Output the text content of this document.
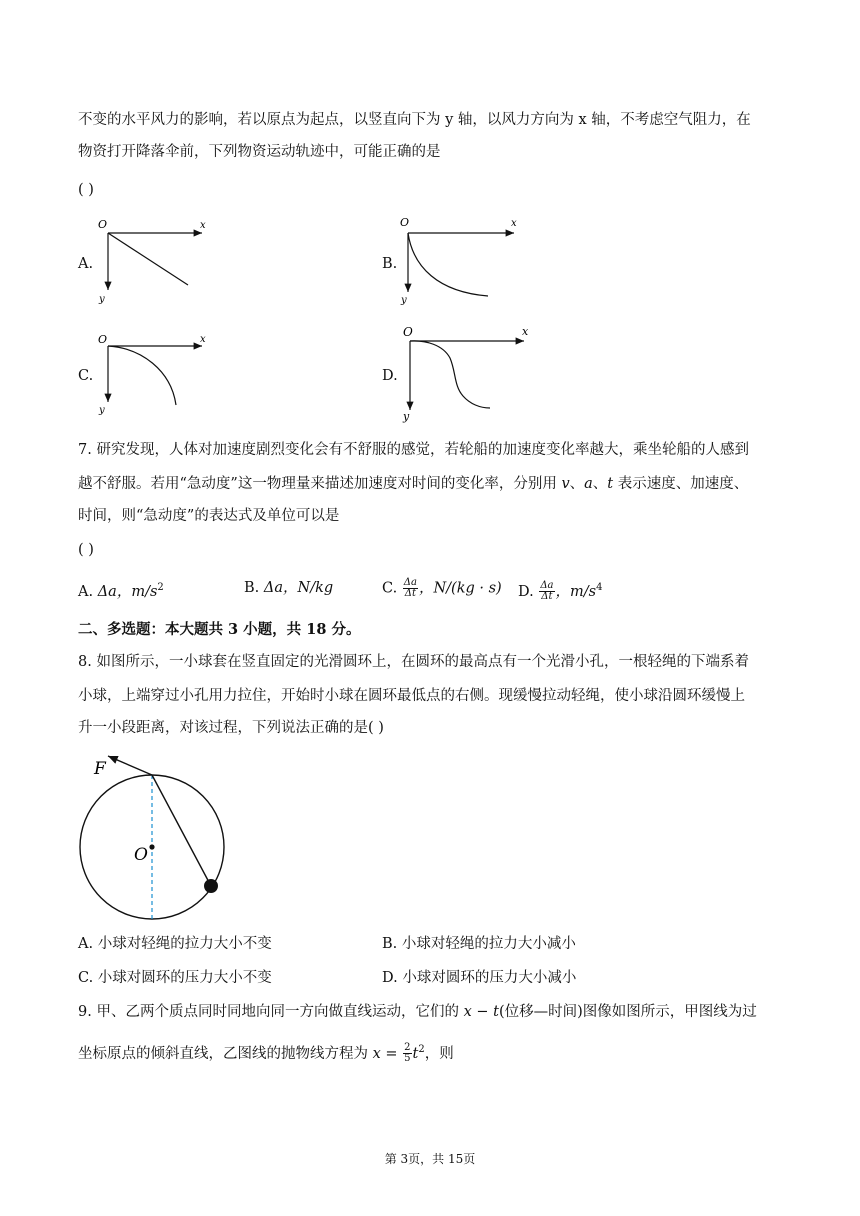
不变的水平风力的影响，若以原点为起点，以竖直向下为 y 轴，以风力方向为 x 轴，不考虑空气阻力，在
物资打开降落伞前，下列物资运动轨迹中，可能正确的是
( )
A.
O	x
y
B.
O	x
y
C.
O	x
y
D.
O	x
y
7. 研究发现，人体对加速度剧烈变化会有不舒服的感觉，若轮船的加速度变化率越大，乘坐轮船的人感到
越不舒服。若用“急动度”这一物理量来描述加速度对时间的变化率，分别用 v、a、t 表示速度、加速度、
时间，则“急动度”的表达式及单位可以是
( )
A. Δa，$m/s^2$	B. Δa，N/kg	C. $\frac{\Delta a}{\Delta t}$ ，N/(kg · s) D. $\frac{\Delta a}{\Delta t}$ ，$m/s^4$
二、多选题：本大题共 3 小题，共 18 分。
8. 如图所示，一小球套在竖直固定的光滑圆环上，在圆环的最高点有一个光滑小孔，一根轻绳的下端系着
小球，上端穿过小孔用力拉住，开始时小球在圆环最低点的右侧。现缓慢拉动轻绳，使小球沿圆环缓慢上
升一小段距离，对该过程，下列说法正确的是( )
F
O
A. 小球对轻绳的拉力大小不变	B. 小球对轻绳的拉力大小减小
C. 小球对圆环的压力大小不变	D. 小球对圆环的压力大小减小
9. 甲、乙两个质点同时同地向同一方向做直线运动，它们的 x − t(位移—时间)图像如图所示，甲图线为过
坐标原点的倾斜直线，乙图线的抛物线方程为 $x = \frac{2}{5} t^2$，则
第 3页，共 15页
